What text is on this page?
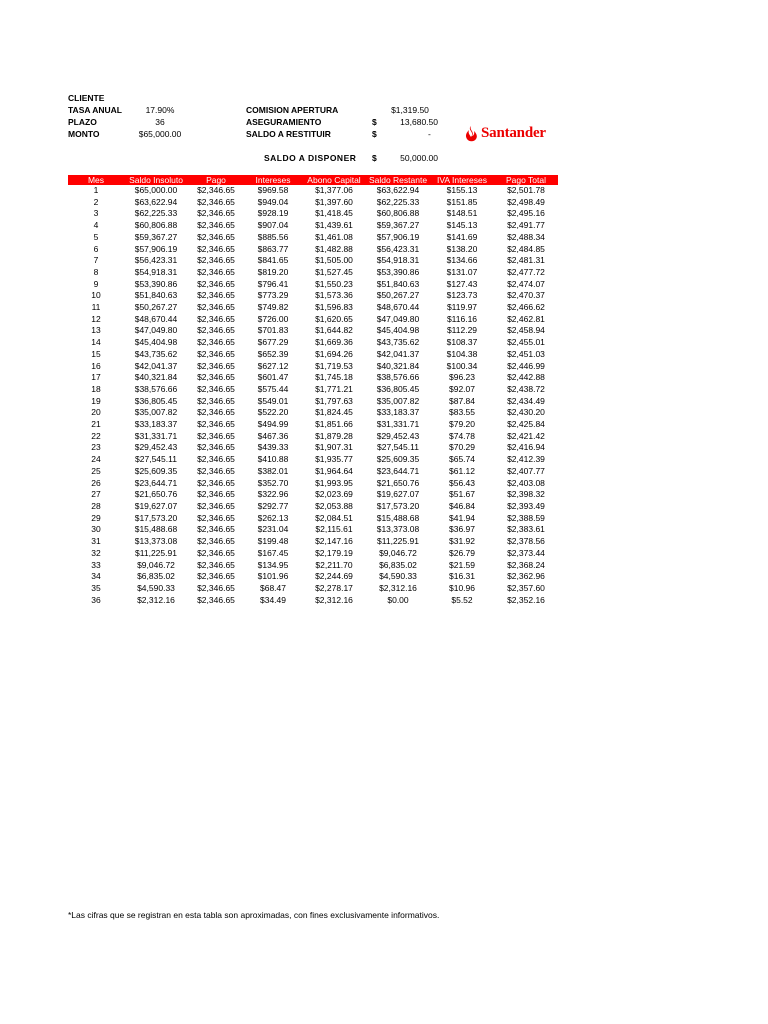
CLIENTE
TASA ANUAL	17.90%
PLAZO	36
MONTO	$65,000.00
COMISION APERTURA	$1,319.50
ASEGURAMIENTO	$	13,680.50
SALDO A RESTITUIR	$	-
SALDO A DISPONER $	50,000.00
Santander
Mes	Saldo Insoluto	Pago	Intereses	Abono Capital	Saldo Restante	IVA Intereses	Pago Total
1	$65,000.00	$2,346.65	$969.58	$1,377.06	$63,622.94	$155.13	$2,501.78
2	$63,622.94	$2,346.65	$949.04	$1,397.60	$62,225.33	$151.85	$2,498.49
3	$62,225.33	$2,346.65	$928.19	$1,418.45	$60,806.88	$148.51	$2,495.16
4	$60,806.88	$2,346.65	$907.04	$1,439.61	$59,367.27	$145.13	$2,491.77
5	$59,367.27	$2,346.65	$885.56	$1,461.08	$57,906.19	$141.69	$2,488.34
6	$57,906.19	$2,346.65	$863.77	$1,482.88	$56,423.31	$138.20	$2,484.85
7	$56,423.31	$2,346.65	$841.65	$1,505.00	$54,918.31	$134.66	$2,481.31
8	$54,918.31	$2,346.65	$819.20	$1,527.45	$53,390.86	$131.07	$2,477.72
9	$53,390.86	$2,346.65	$796.41	$1,550.23	$51,840.63	$127.43	$2,474.07
10	$51,840.63	$2,346.65	$773.29	$1,573.36	$50,267.27	$123.73	$2,470.37
11	$50,267.27	$2,346.65	$749.82	$1,596.83	$48,670.44	$119.97	$2,466.62
12	$48,670.44	$2,346.65	$726.00	$1,620.65	$47,049.80	$116.16	$2,462.81
13	$47,049.80	$2,346.65	$701.83	$1,644.82	$45,404.98	$112.29	$2,458.94
14	$45,404.98	$2,346.65	$677.29	$1,669.36	$43,735.62	$108.37	$2,455.01
15	$43,735.62	$2,346.65	$652.39	$1,694.26	$42,041.37	$104.38	$2,451.03
16	$42,041.37	$2,346.65	$627.12	$1,719.53	$40,321.84	$100.34	$2,446.99
17	$40,321.84	$2,346.65	$601.47	$1,745.18	$38,576.66	$96.23	$2,442.88
18	$38,576.66	$2,346.65	$575.44	$1,771.21	$36,805.45	$92.07	$2,438.72
19	$36,805.45	$2,346.65	$549.01	$1,797.63	$35,007.82	$87.84	$2,434.49
20	$35,007.82	$2,346.65	$522.20	$1,824.45	$33,183.37	$83.55	$2,430.20
21	$33,183.37	$2,346.65	$494.99	$1,851.66	$31,331.71	$79.20	$2,425.84
22	$31,331.71	$2,346.65	$467.36	$1,879.28	$29,452.43	$74.78	$2,421.42
23	$29,452.43	$2,346.65	$439.33	$1,907.31	$27,545.11	$70.29	$2,416.94
24	$27,545.11	$2,346.65	$410.88	$1,935.77	$25,609.35	$65.74	$2,412.39
25	$25,609.35	$2,346.65	$382.01	$1,964.64	$23,644.71	$61.12	$2,407.77
26	$23,644.71	$2,346.65	$352.70	$1,993.95	$21,650.76	$56.43	$2,403.08
27	$21,650.76	$2,346.65	$322.96	$2,023.69	$19,627.07	$51.67	$2,398.32
28	$19,627.07	$2,346.65	$292.77	$2,053.88	$17,573.20	$46.84	$2,393.49
29	$17,573.20	$2,346.65	$262.13	$2,084.51	$15,488.68	$41.94	$2,388.59
30	$15,488.68	$2,346.65	$231.04	$2,115.61	$13,373.08	$36.97	$2,383.61
31	$13,373.08	$2,346.65	$199.48	$2,147.16	$11,225.91	$31.92	$2,378.56
32	$11,225.91	$2,346.65	$167.45	$2,179.19	$9,046.72	$26.79	$2,373.44
33	$9,046.72	$2,346.65	$134.95	$2,211.70	$6,835.02	$21.59	$2,368.24
34	$6,835.02	$2,346.65	$101.96	$2,244.69	$4,590.33	$16.31	$2,362.96
35	$4,590.33	$2,346.65	$68.47	$2,278.17	$2,312.16	$10.96	$2,357.60
36	$2,312.16	$2,346.65	$34.49	$2,312.16	$0.00	$5.52	$2,352.16
*Las cifras que se registran en esta tabla son aproximadas, con fines exclusivamente informativos.
